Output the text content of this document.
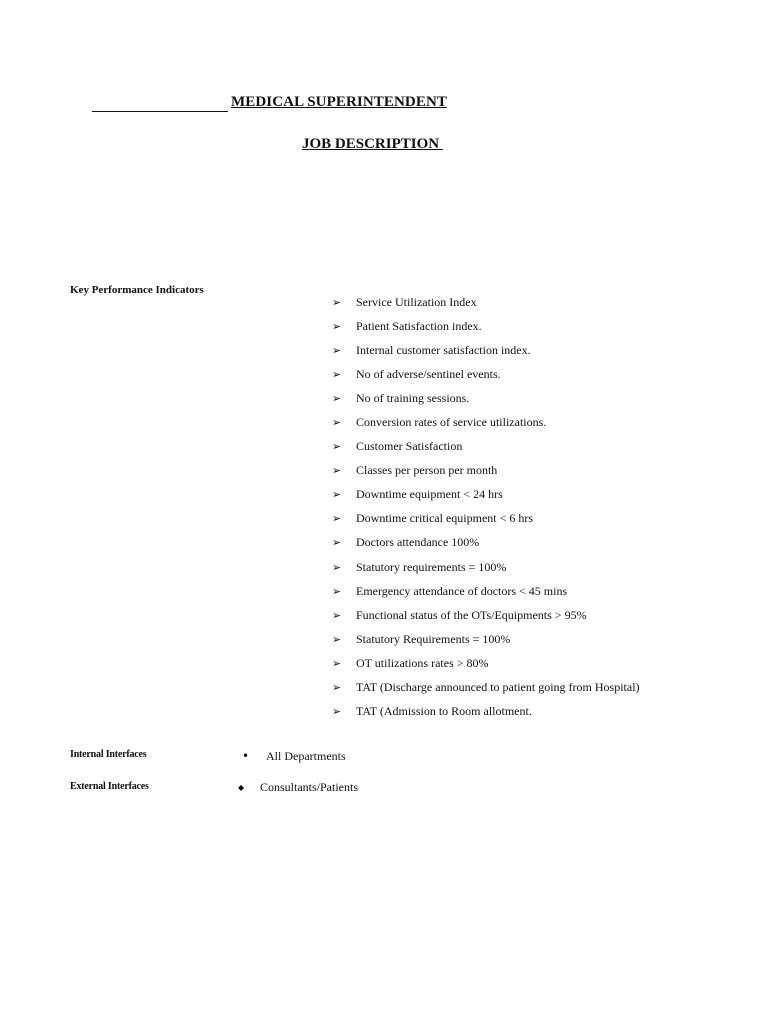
MEDICAL SUPERINTENDENT
JOB DESCRIPTION
Key Performance Indicators
➢	Service Utilization Index
➢	Patient Satisfaction index.
➢	Internal customer satisfaction index.
➢	No of adverse/sentinel events.
➢	No of training sessions.
➢	Conversion rates of service utilizations.
➢	Customer Satisfaction
➢	Classes per person per month
➢	Downtime equipment < 24 hrs
➢	Downtime critical equipment < 6 hrs
➢	Doctors attendance 100%
➢	Statutory requirements = 100%
➢	Emergency attendance of doctors < 45 mins
➢	Functional status of the OTs/Equipments > 95%
➢	Statutory Requirements = 100%
➢	OT utilizations rates > 80%
➢	TAT (Discharge announced to patient going from Hospital)
➢	TAT (Admission to Room allotment.
Internal Interfaces	• All Departments
External Interfaces	◆ Consultants/Patients
